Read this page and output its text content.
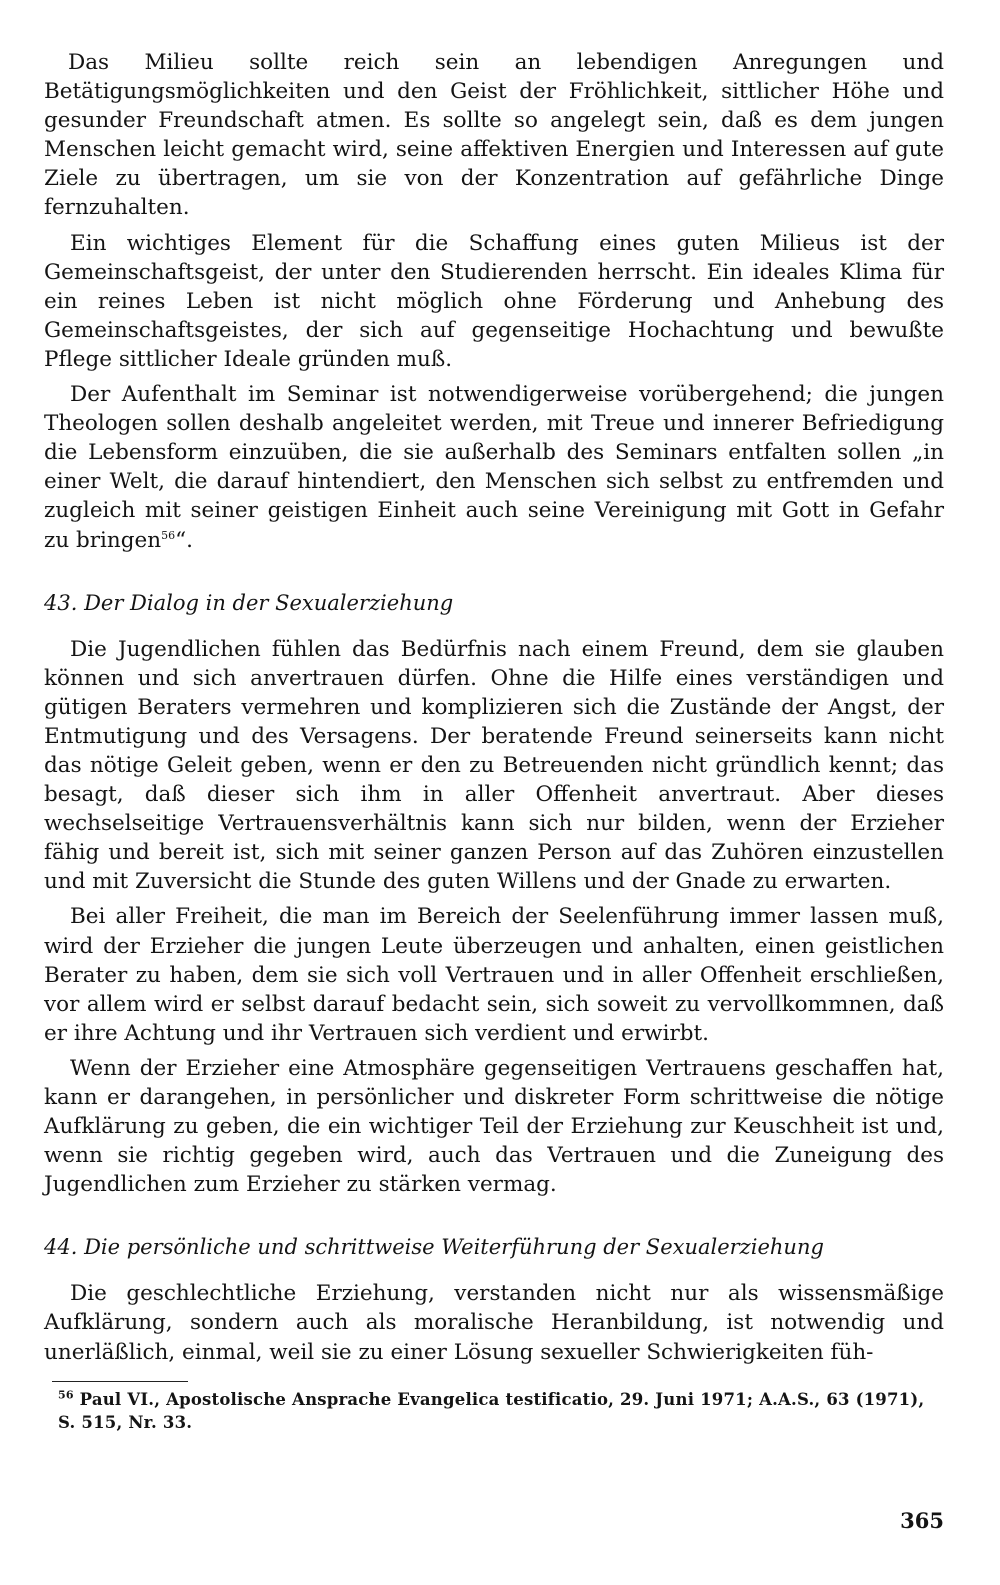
Das Milieu sollte reich sein an lebendigen Anregungen und Betätigungsmöglichkeiten und den Geist der Fröhlichkeit, sittlicher Höhe und gesunder Freundschaft atmen. Es sollte so angelegt sein, daß es dem jungen Menschen leicht gemacht wird, seine affektiven Energien und Interessen auf gute Ziele zu übertragen, um sie von der Konzentration auf gefährliche Dinge fernzuhalten.

Ein wichtiges Element für die Schaffung eines guten Milieus ist der Gemeinschaftsgeist, der unter den Studierenden herrscht. Ein ideales Klima für ein reines Leben ist nicht möglich ohne Förderung und Anhebung des Gemeinschaftsgeistes, der sich auf gegenseitige Hochachtung und bewußte Pflege sittlicher Ideale gründen muß.

Der Aufenthalt im Seminar ist notwendigerweise vorübergehend; die jungen Theologen sollen deshalb angeleitet werden, mit Treue und innerer Befriedigung die Lebensform einzuüben, die sie außerhalb des Seminars entfalten sollen „in einer Welt, die darauf hintendiert, den Menschen sich selbst zu entfremden und zugleich mit seiner geistigen Einheit auch seine Vereinigung mit Gott in Gefahr zu bringen$^{56}$“.

43. Der Dialog in der Sexualerziehung

Die Jugendlichen fühlen das Bedürfnis nach einem Freund, dem sie glauben können und sich anvertrauen dürfen. Ohne die Hilfe eines verständigen und gütigen Beraters vermehren und komplizieren sich die Zustände der Angst, der Entmutigung und des Versagens. Der beratende Freund seinerseits kann nicht das nötige Geleit geben, wenn er den zu Betreuenden nicht gründlich kennt; das besagt, daß dieser sich ihm in aller Offenheit anvertraut. Aber dieses wechselseitige Vertrauensverhältnis kann sich nur bilden, wenn der Erzieher fähig und bereit ist, sich mit seiner ganzen Person auf das Zuhören einzustellen und mit Zuversicht die Stunde des guten Willens und der Gnade zu erwarten.

Bei aller Freiheit, die man im Bereich der Seelenführung immer lassen muß, wird der Erzieher die jungen Leute überzeugen und anhalten, einen geistlichen Berater zu haben, dem sie sich voll Vertrauen und in aller Offenheit erschließen, vor allem wird er selbst darauf bedacht sein, sich soweit zu vervollkommnen, daß er ihre Achtung und ihr Vertrauen sich verdient und erwirbt.

Wenn der Erzieher eine Atmosphäre gegenseitigen Vertrauens geschaffen hat, kann er darangehen, in persönlicher und diskreter Form schrittweise die nötige Aufklärung zu geben, die ein wichtiger Teil der Erziehung zur Keuschheit ist und, wenn sie richtig gegeben wird, auch das Vertrauen und die Zuneigung des Jugendlichen zum Erzieher zu stärken vermag.

44. Die persönliche und schrittweise Weiterführung der Sexualerziehung

Die geschlechtliche Erziehung, verstanden nicht nur als wissensmäßige Aufklärung, sondern auch als moralische Heranbildung, ist notwendig und unerläßlich, einmal, weil sie zu einer Lösung sexueller Schwierigkeiten füh-

$^{56}$ Paul VI., Apostolische Ansprache Evangelica testificatio, 29. Juni 1971; A.A.S., 63 (1971), S. 515, Nr. 33.
365
